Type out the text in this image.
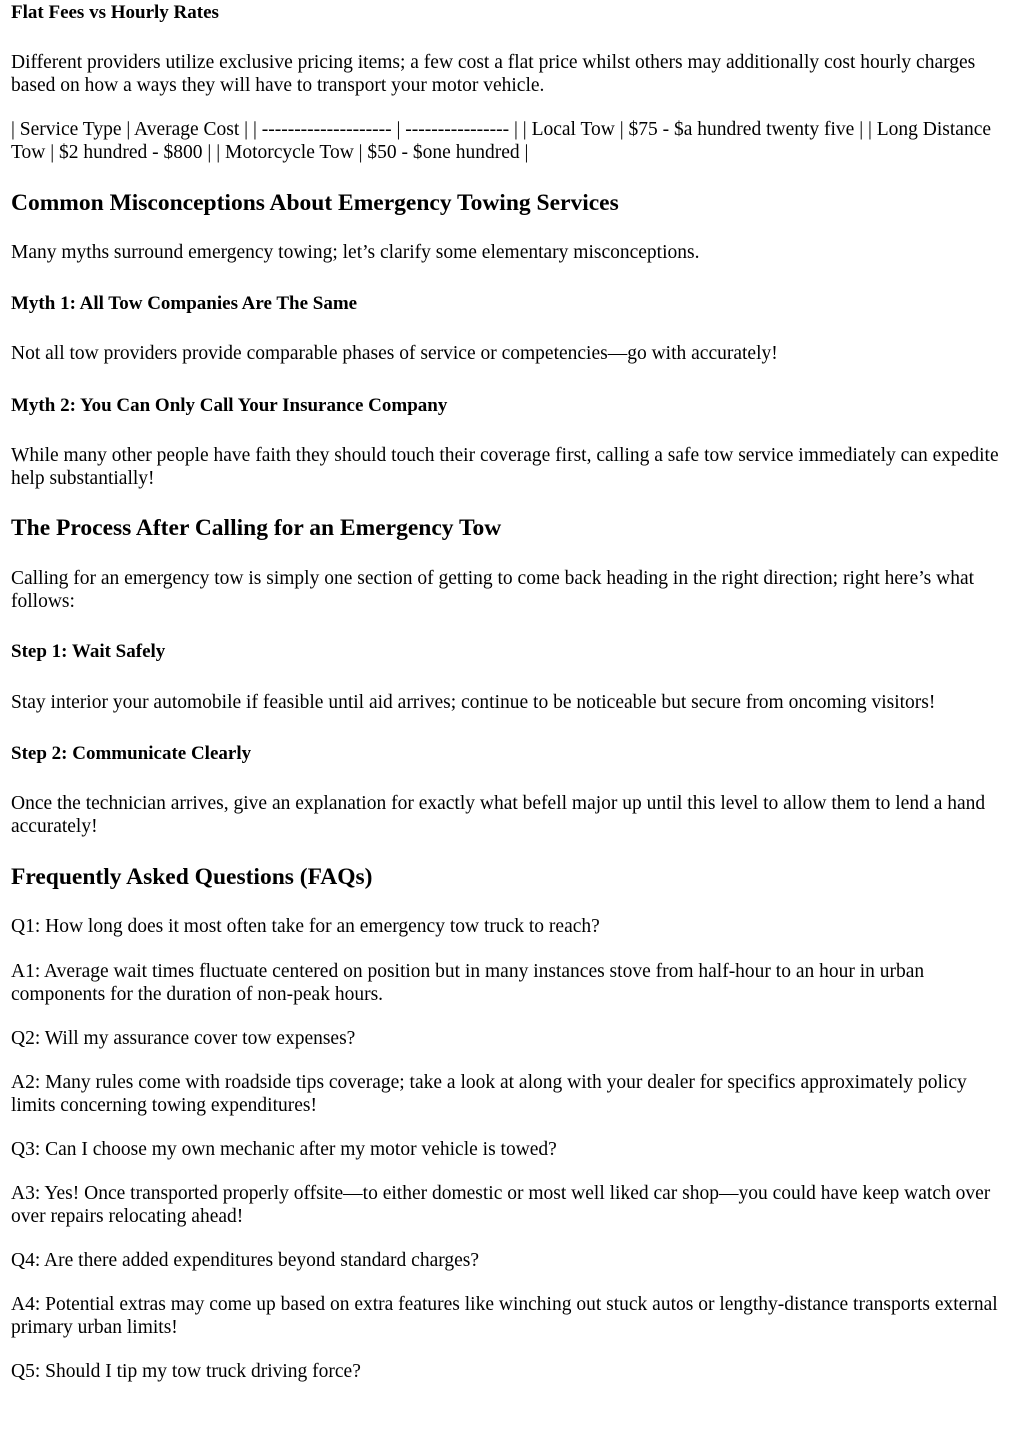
Flat Fees vs Hourly Rates

Different providers utilize exclusive pricing items; a few cost a flat price whilst others may additionally cost hourly charges based on how a ways they will have to transport your motor vehicle.

| Service Type | Average Cost | | -------------------- | ---------------- | | Local Tow | $75 - $a hundred twenty five | | Long Distance Tow | $2 hundred - $800 | | Motorcycle Tow | $50 - $one hundred |

Common Misconceptions About Emergency Towing Services

Many myths surround emergency towing; let’s clarify some elementary misconceptions.

Myth 1: All Tow Companies Are The Same

Not all tow providers provide comparable phases of service or competencies—go with accurately!

Myth 2: You Can Only Call Your Insurance Company

While many other people have faith they should touch their coverage first, calling a safe tow service immediately can expedite help substantially!

The Process After Calling for an Emergency Tow

Calling for an emergency tow is simply one section of getting to come back heading in the right direction; right here’s what follows:

Step 1: Wait Safely

Stay interior your automobile if feasible until aid arrives; continue to be noticeable but secure from oncoming visitors!

Step 2: Communicate Clearly

Once the technician arrives, give an explanation for exactly what befell major up until this level to allow them to lend a hand accurately!

Frequently Asked Questions (FAQs)

Q1: How long does it most often take for an emergency tow truck to reach?

A1: Average wait times fluctuate centered on position but in many instances stove from half-hour to an hour in urban components for the duration of non-peak hours.

Q2: Will my assurance cover tow expenses?

A2: Many rules come with roadside tips coverage; take a look at along with your dealer for specifics approximately policy limits concerning towing expenditures!

Q3: Can I choose my own mechanic after my motor vehicle is towed?

A3: Yes! Once transported properly offsite—to either domestic or most well liked car shop—you could have keep watch over over repairs relocating ahead!

Q4: Are there added expenditures beyond standard charges?

A4: Potential extras may come up based on extra features like winching out stuck autos or lengthy-distance transports external primary urban limits!

Q5: Should I tip my tow truck driving force?
